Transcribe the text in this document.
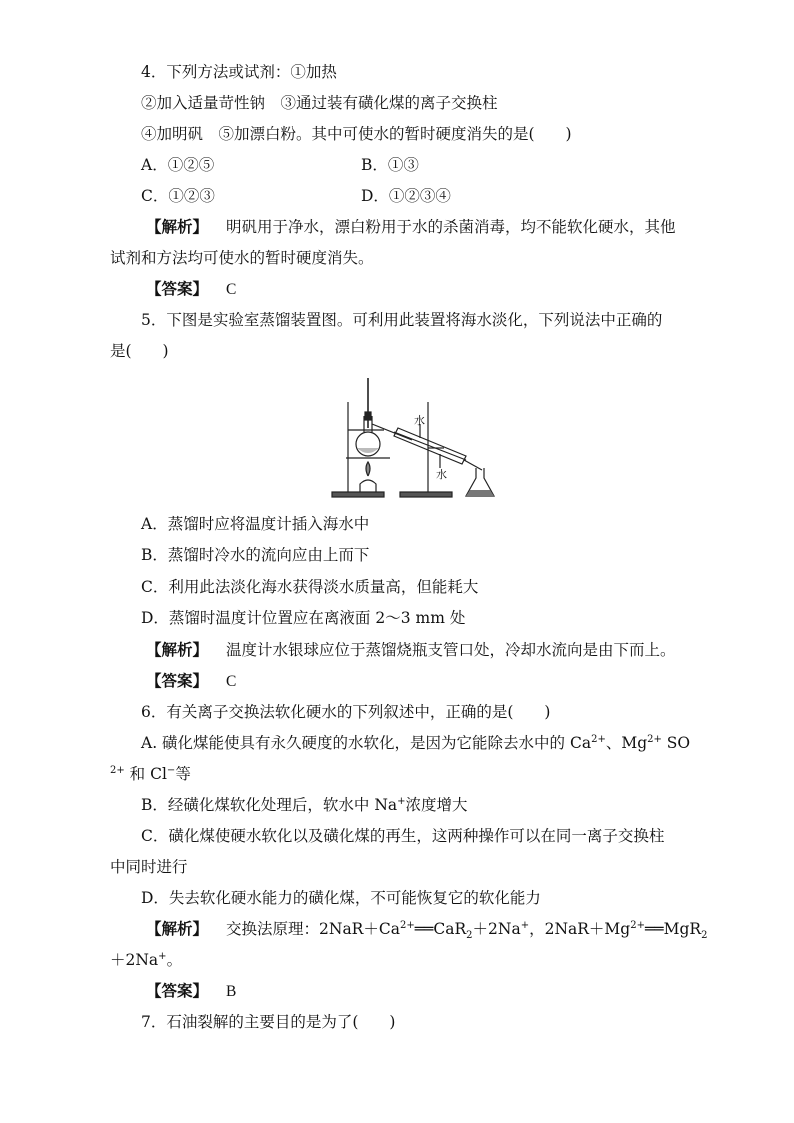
4．下列方法或试剂：①加热
②加入适量苛性钠　③通过装有磺化煤的离子交换柱
④加明矾　⑤加漂白粉。其中可使水的暂时硬度消失的是(　　)
A．①②⑤	B．①③
C．①②③	D．①②③④
【解析】 明矾用于净水，漂白粉用于水的杀菌消毒，均不能软化硬水，其他
试剂和方法均可使水的暂时硬度消失。
【答案】 C
5．下图是实验室蒸馏装置图。可利用此装置将海水淡化，下列说法中正确的
是(　　)
水
水
A．蒸馏时应将温度计插入海水中
B．蒸馏时冷水的流向应由上而下
C．利用此法淡化海水获得淡水质量高，但能耗大
D．蒸馏时温度计位置应在离液面 2～3 mm 处
【解析】 温度计水银球应位于蒸馏烧瓶支管口处，冷却水流向是由下而上。
【答案】 C
6．有关离子交换法软化硬水的下列叙述中，正确的是(　　)
A. 磺化煤能使具有永久硬度的水软化，是因为它能除去水中的 $Ca^{2+}$、$Mg^{2+}$ SO
$^{2+}$ 和 Cl−等
B．经磺化煤软化处理后，软水中 Na+浓度增大
C．磺化煤使硬水软化以及磺化煤的再生，这两种操作可以在同一离子交换柱
中同时进行
D．失去软化硬水能力的磺化煤，不可能恢复它的软化能力
【解析】 交换法原理：$2NaR+Ca^{2+}══CaR_2+2Na^+$，$2NaR+Mg^{2+}══MgR_2$
＋2Na+。
【答案】 B
7．石油裂解的主要目的是为了(　　)
